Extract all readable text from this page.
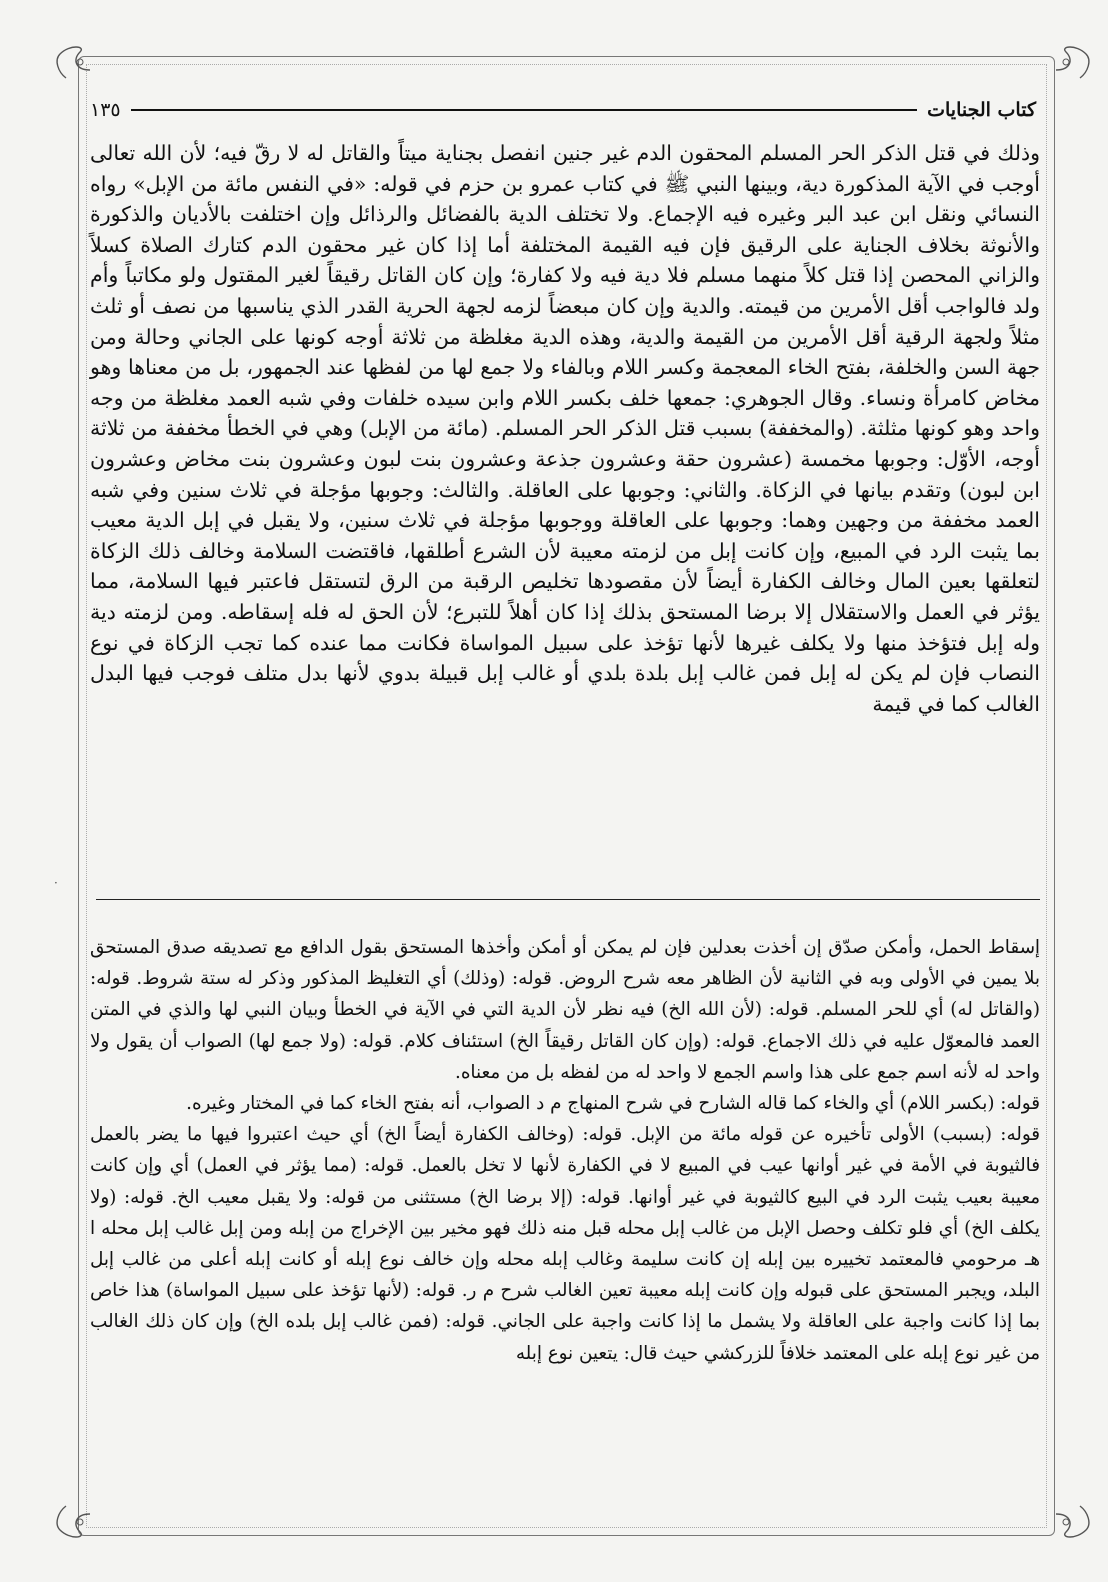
كتاب الجنايات
١٣٥

وذلك في قتل الذكر الحر المسلم المحقون الدم غير جنين انفصل بجناية ميتاً والقاتل له لا رقّ فيه؛ لأن الله تعالى أوجب في الآية المذكورة دية، وبينها النبي ﷺ في كتاب عمرو بن حزم في قوله: «في النفس مائة من الإبل» رواه النسائي ونقل ابن عبد البر وغيره فيه الإجماع. ولا تختلف الدية بالفضائل والرذائل وإن اختلفت بالأديان والذكورة والأنوثة بخلاف الجناية على الرقيق فإن فيه القيمة المختلفة أما إذا كان غير محقون الدم كتارك الصلاة كسلاً والزاني المحصن إذا قتل كلاً منهما مسلم فلا دية فيه ولا كفارة؛ وإن كان القاتل رقيقاً لغير المقتول ولو مكاتباً وأم ولد فالواجب أقل الأمرين من قيمته. والدية وإن كان مبعضاً لزمه لجهة الحرية القدر الذي يناسبها من نصف أو ثلث مثلاً ولجهة الرقية أقل الأمرين من القيمة والدية، وهذه الدية مغلظة من ثلاثة أوجه كونها على الجاني وحالة ومن جهة السن والخلفة، بفتح الخاء المعجمة وكسر اللام وبالفاء ولا جمع لها من لفظها عند الجمهور، بل من معناها وهو مخاض كامرأة ونساء. وقال الجوهري: جمعها خلف بكسر اللام وابن سيده خلفات وفي شبه العمد مغلظة من وجه واحد وهو كونها مثلثة. (والمخففة) بسبب قتل الذكر الحر المسلم. (مائة من الإبل) وهي في الخطأ مخففة من ثلاثة أوجه، الأوّل: وجوبها مخمسة (عشرون حقة وعشرون جذعة وعشرون بنت لبون وعشرون بنت مخاض وعشرون ابن لبون) وتقدم بيانها في الزكاة. والثاني: وجوبها على العاقلة. والثالث: وجوبها مؤجلة في ثلاث سنين وفي شبه العمد مخففة من وجهين وهما: وجوبها على العاقلة ووجوبها مؤجلة في ثلاث سنين، ولا يقبل في إبل الدية معيب بما يثبت الرد في المبيع، وإن كانت إبل من لزمته معيبة لأن الشرع أطلقها، فاقتضت السلامة وخالف ذلك الزكاة لتعلقها بعين المال وخالف الكفارة أيضاً لأن مقصودها تخليص الرقبة من الرق لتستقل فاعتبر فيها السلامة، مما يؤثر في العمل والاستقلال إلا برضا المستحق بذلك إذا كان أهلاً للتبرع؛ لأن الحق له فله إسقاطه. ومن لزمته دية وله إبل فتؤخذ منها ولا يكلف غيرها لأنها تؤخذ على سبيل المواساة فكانت مما عنده كما تجب الزكاة في نوع النصاب فإن لم يكن له إبل فمن غالب إبل بلدة بلدي أو غالب إبل قبيلة بدوي لأنها بدل متلف فوجب فيها البدل الغالب كما في قيمة

·

إسقاط الحمل، وأمكن صدّق إن أخذت بعدلين فإن لم يمكن أو أمكن وأخذها المستحق بقول الدافع مع تصديقه صدق المستحق بلا يمين في الأولى وبه في الثانية لأن الظاهر معه شرح الروض. قوله: (وذلك) أي التغليظ المذكور وذكر له ستة شروط. قوله: (والقاتل له) أي للحر المسلم. قوله: (لأن الله الخ) فيه نظر لأن الدية التي في الآية في الخطأ وبيان النبي لها والذي في المتن العمد فالمعوّل عليه في ذلك الاجماع. قوله: (وإن كان القاتل رقيقاً الخ) استئناف كلام. قوله: (ولا جمع لها) الصواب أن يقول ولا واحد له لأنه اسم جمع على هذا واسم الجمع لا واحد له من لفظه بل من معناه.

قوله: (بكسر اللام) أي والخاء كما قاله الشارح في شرح المنهاج م د الصواب، أنه بفتح الخاء كما في المختار وغيره.

قوله: (بسبب) الأولى تأخيره عن قوله مائة من الإبل. قوله: (وخالف الكفارة أيضاً الخ) أي حيث اعتبروا فيها ما يضر بالعمل فالثيوبة في الأمة في غير أوانها عيب في المبيع لا في الكفارة لأنها لا تخل بالعمل. قوله: (مما يؤثر في العمل) أي وإن كانت معيبة بعيب يثبت الرد في البيع كالثيوبة في غير أوانها. قوله: (إلا برضا الخ) مستثنى من قوله: ولا يقبل معيب الخ. قوله: (ولا يكلف الخ) أي فلو تكلف وحصل الإبل من غالب إبل محله قبل منه ذلك فهو مخير بين الإخراج من إبله ومن إبل غالب إبل محله ا هـ مرحومي فالمعتمد تخييره بين إبله إن كانت سليمة وغالب إبله محله وإن خالف نوع إبله أو كانت إبله أعلى من غالب إبل البلد، ويجبر المستحق على قبوله وإن كانت إبله معيبة تعين الغالب شرح م ر. قوله: (لأنها تؤخذ على سبيل المواساة) هذا خاص بما إذا كانت واجبة على العاقلة ولا يشمل ما إذا كانت واجبة على الجاني. قوله: (فمن غالب إبل بلده الخ) وإن كان ذلك الغالب من غير نوع إبله على المعتمد خلافاً للزركشي حيث قال: يتعين نوع إبله
